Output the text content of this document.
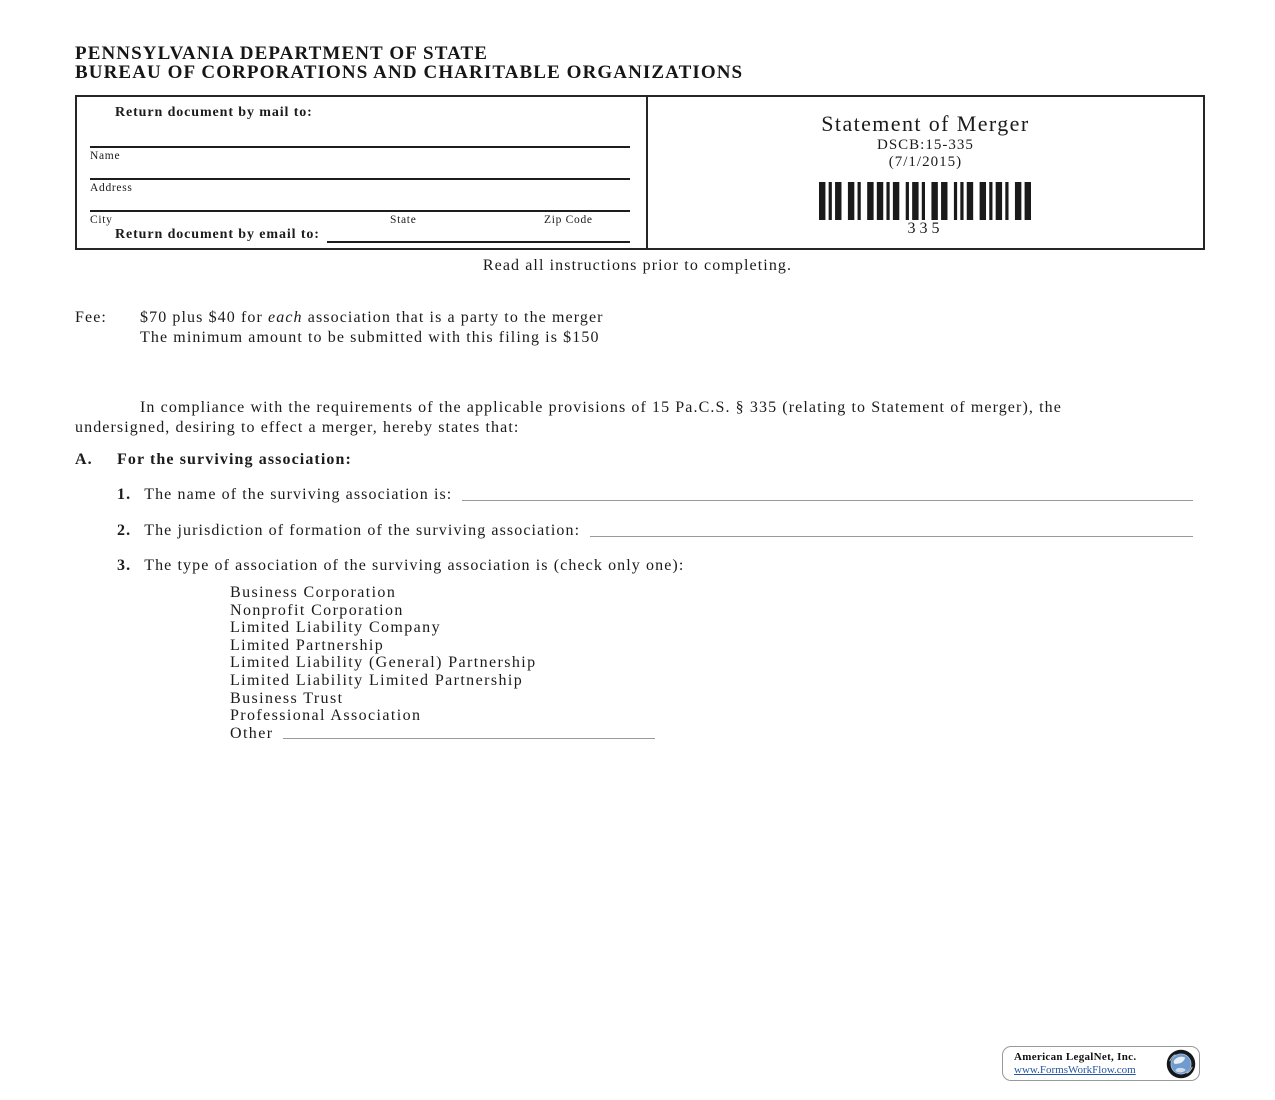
PENNSYLVANIA DEPARTMENT OF STATE
BUREAU OF CORPORATIONS AND CHARITABLE ORGANIZATIONS
Return document by mail to:
Name
Address
City	State	Zip Code
Return document by email to:
Statement of Merger
DSCB:15-335
(7/1/2015)
335
Read all instructions prior to completing.
Fee:	$70 plus $40 for each association that is a party to the merger
The minimum amount to be submitted with this filing is $150
In compliance with the requirements of the applicable provisions of 15 Pa.C.S. § 335 (relating to Statement of merger), the undersigned, desiring to effect a merger, hereby states that:
A.	For the surviving association:
1. The name of the surviving association is:
2. The jurisdiction of formation of the surviving association:
3. The type of association of the surviving association is (check only one):
Business Corporation
Nonprofit Corporation
Limited Liability Company
Limited Partnership
Limited Liability (General) Partnership
Limited Liability Limited Partnership
Business Trust
Professional Association
Other
American LegalNet, Inc.
www.FormsWorkFlow.com
